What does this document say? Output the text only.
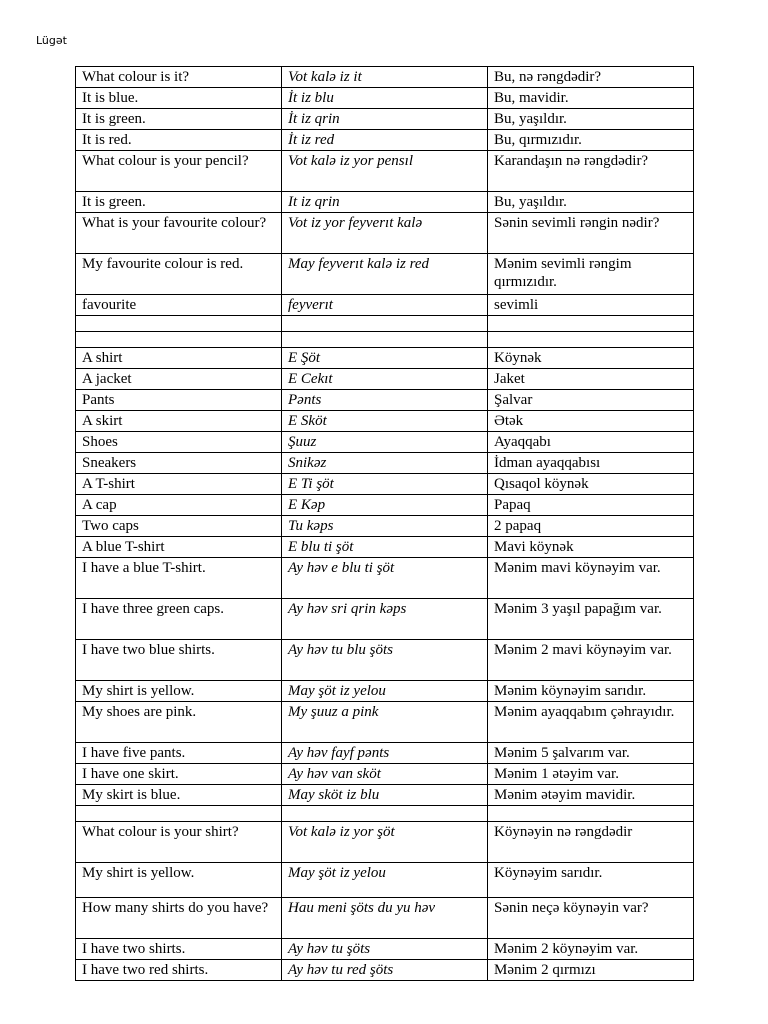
Lügət
What colour is it?	Vot kalə iz it	Bu, nə rəngdədir?
It is blue.	İt iz blu	Bu, mavidir.
It is green.	İt iz qrin	Bu, yaşıldır.
It is red.	İt iz red	Bu, qırmızıdır.
What colour is your pencil?	Vot kalə iz yor pensıl	Karandaşın nə rəngdədir?
It is green.	It iz qrin	Bu, yaşıldır.
What is your favourite colour?	Vot iz yor feyverıt kalə	Sənin sevimli rəngin nədir?
My favourite colour is red.	May feyverıt kalə iz red	Mənim sevimli rəngim qırmızıdır.
favourite	feyverıt	sevimli

A shirt	E Şöt	Köynək
A jacket	E Cekıt	Jaket
Pants	Pənts	Şalvar
A skirt	E Sköt	Ətək
Shoes	Şuuz	Ayaqqabı
Sneakers	Snikəz	İdman ayaqqabısı
A T-shirt	E Ti şöt	Qısaqol köynək
A cap	E Kəp	Papaq
Two caps	Tu kəps	2 papaq
A blue T-shirt	E blu ti şöt	Mavi köynək
I have a blue T-shirt.	Ay həv e blu ti şöt	Mənim mavi köynəyim var.
I have three green caps.	Ay həv sri qrin kəps	Mənim 3 yaşıl papağım var.
I have two blue shirts.	Ay həv tu blu şöts	Mənim 2 mavi köynəyim var.
My shirt is yellow.	May şöt iz yelou	Mənim köynəyim sarıdır.
My shoes are pink.	My şuuz a pink	Mənim ayaqqabım çəhrayıdır.
I have five pants.	Ay həv fayf pənts	Mənim 5 şalvarım var.
I have one skirt.	Ay həv van sköt	Mənim 1 ətəyim var.
My skirt is blue.	May sköt iz blu	Mənim ətəyim mavidir.

What colour is your shirt?	Vot kalə iz yor şöt	Köynəyin nə rəngdədir
My shirt is yellow.	May şöt iz yelou	Köynəyim sarıdır.
How many shirts do you have?	Hau meni şöts du yu həv	Sənin neçə köynəyin var?
I have two shirts.	Ay həv tu şöts	Mənim 2 köynəyim var.
I have two red shirts.	Ay həv tu red şöts	Mənim 2 qırmızı
